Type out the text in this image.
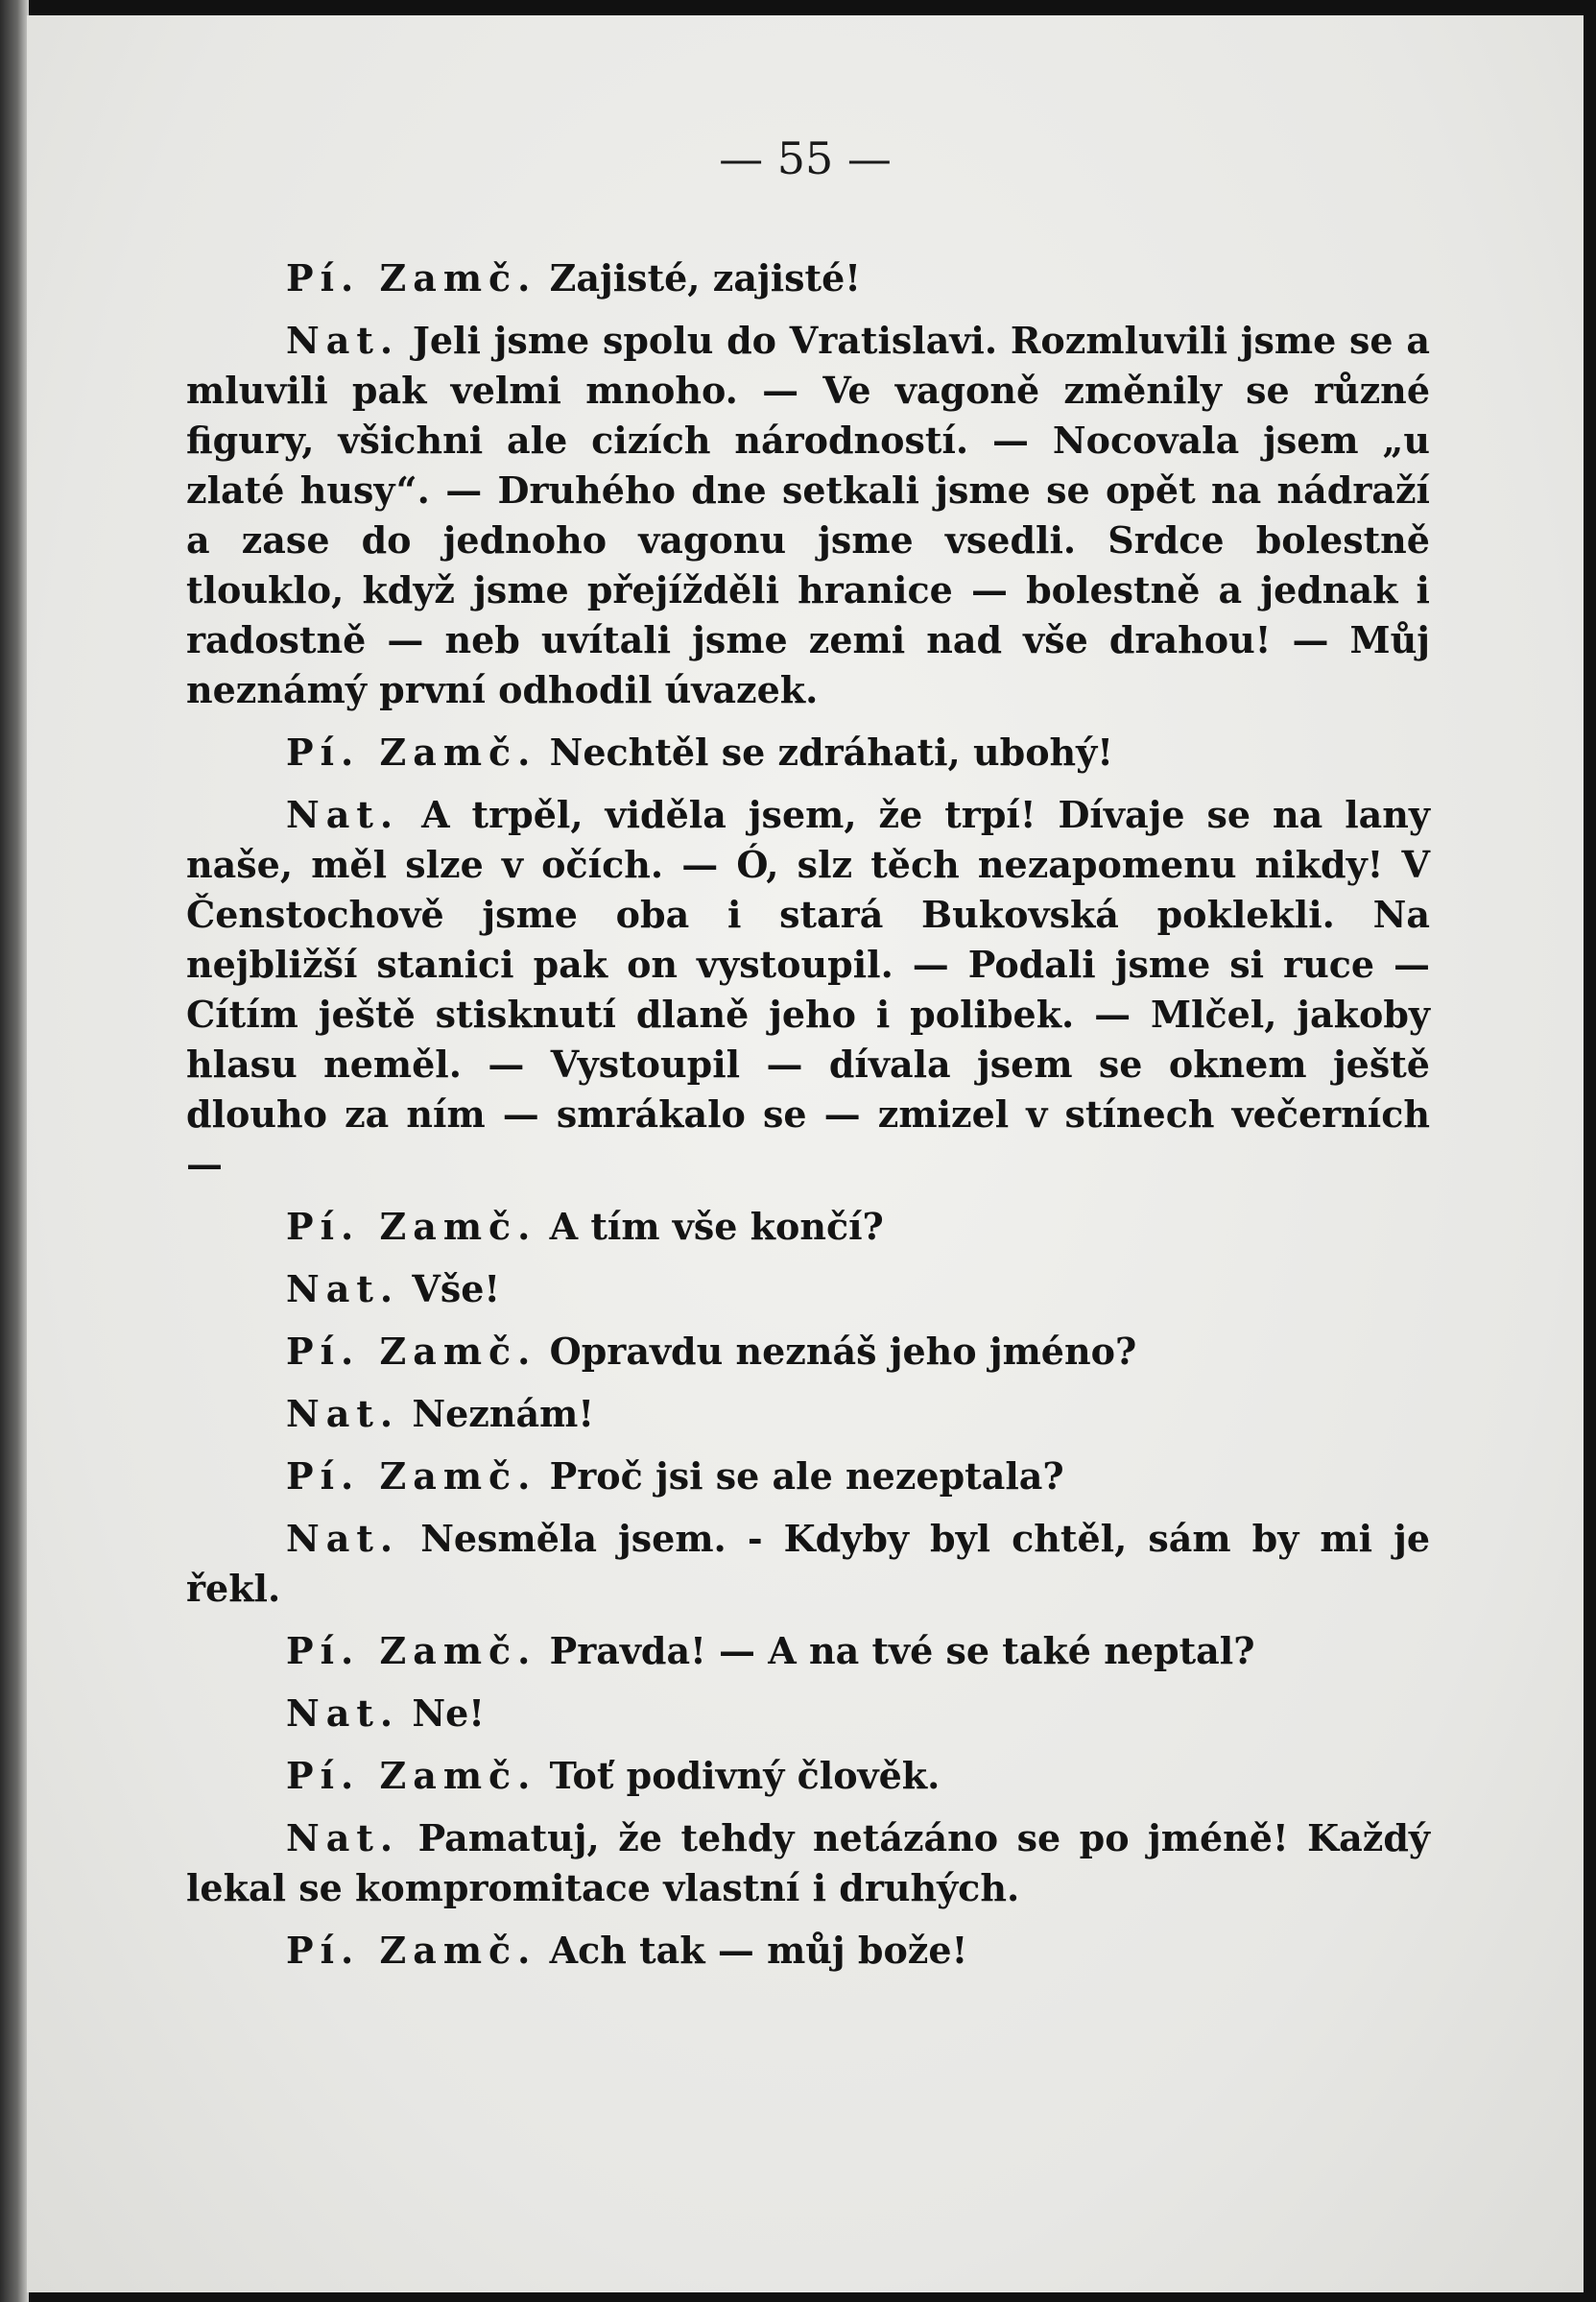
— 55 —

Pí. Zamč. Zajisté, zajisté!

Nat. Jeli jsme spolu do Vratislavi. Rozmluvili jsme se a mluvili pak velmi mnoho. — Ve vagoně změnily se různé figury, všichni ale cizích národností. — Nocovala jsem „u zlaté husy“. — Druhého dne setkali jsme se opět na nádraží a zase do jednoho vagonu jsme vsedli. Srdce bolestně tlouklo, když jsme přejížděli hranice — bolestně a jednak i radostně — neb uvítali jsme zemi nad vše drahou! — Můj neznámý první odhodil úvazek.

Pí. Zamč. Nechtěl se zdráhati, ubohý!

Nat. A trpěl, viděla jsem, že trpí! Dívaje se na lany naše, měl slze v očích. — Ó, slz těch nezapomenu nikdy! V Čenstochově jsme oba i stará Bukovská poklekli. Na nejbližší stanici pak on vystoupil. — Podali jsme si ruce — Cítím ještě stisknutí dlaně jeho i polibek. — Mlčel, jakoby hlasu neměl. — Vystoupil — dívala jsem se oknem ještě dlouho za ním — smrákalo se — zmizel v stínech večerních —

Pí. Zamč. A tím vše končí?

Nat. Vše!

Pí. Zamč. Opravdu neznáš jeho jméno?

Nat. Neznám!

Pí. Zamč. Proč jsi se ale nezeptala?

Nat. Nesměla jsem. - Kdyby byl chtěl, sám by mi je řekl.

Pí. Zamč. Pravda! — A na tvé se také neptal?

Nat. Ne!

Pí. Zamč. Toť podivný člověk.

Nat. Pamatuj, že tehdy netázáno se po jméně! Každý lekal se kompromitace vlastní i druhých.

Pí. Zamč. Ach tak — můj bože!
